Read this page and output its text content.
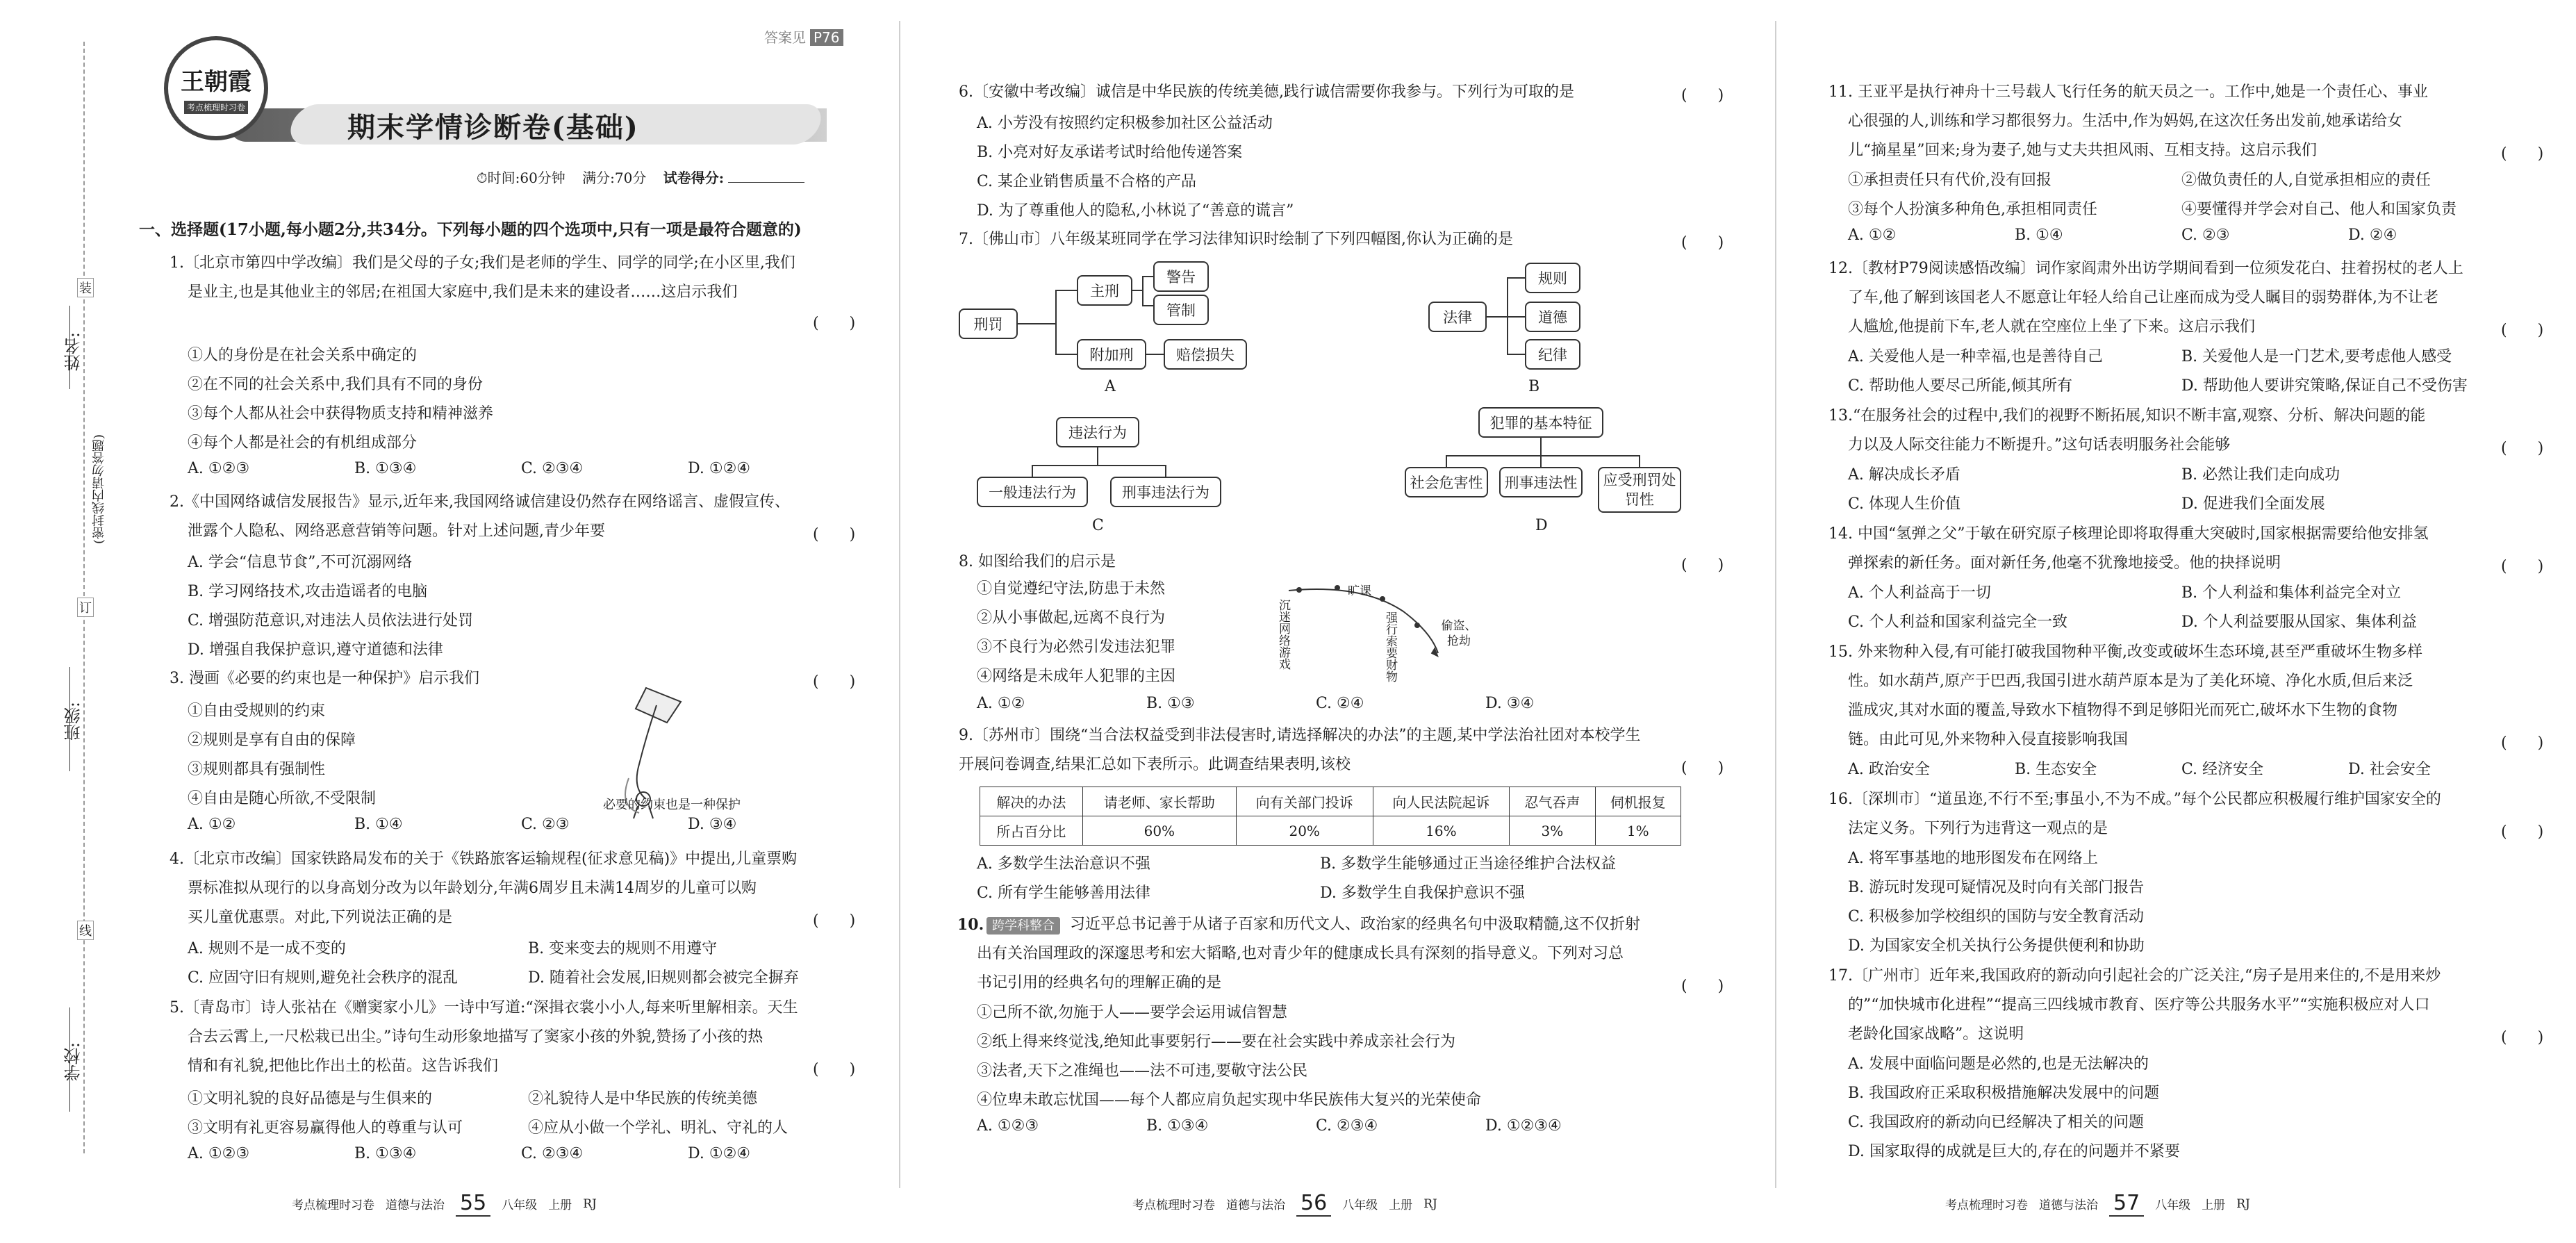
姓名:
班级:
学校:
(密封线内请勿答题)
装
订
线
答案见 P76
王朝霞
考点梳理时习卷
期末学情诊断卷(基础)
⏱时间:60分钟 满分:70分 试卷得分:
一、选择题(17小题,每小题2分,共34分。下列每小题的四个选项中,只有一项是最符合题意的)
1.〔北京市第四中学改编〕我们是父母的子女;我们是老师的学生、同学的同学;在小区里,我们
是业主,也是其他业主的邻居;在祖国大家庭中,我们是未来的建设者……这启示我们
(　　)
①人的身份是在社会关系中确定的
②在不同的社会关系中,我们具有不同的身份
③每个人都从社会中获得物质支持和精神滋养
④每个人都是社会的有机组成部分
A. ①②③	B. ①③④	C. ②③④	D. ①②④
2.《中国网络诚信发展报告》显示,近年来,我国网络诚信建设仍然存在网络谣言、虚假宣传、
泄露个人隐私、网络恶意营销等问题。针对上述问题,青少年要	(　　)
A. 学会“信息节食”,不可沉溺网络
B. 学习网络技术,攻击造谣者的电脑
C. 增强防范意识,对违法人员依法进行处罚
D. 增强自我保护意识,遵守道德和法律
3. 漫画《必要的约束也是一种保护》启示我们	(　　)
①自由受规则的约束
②规则是享有自由的保障
③规则都具有强制性
④自由是随心所欲,不受限制
A. ①②	B. ①④	C. ②③	D. ③④
必要的约束也是一种保护
4.〔北京市改编〕国家铁路局发布的关于《铁路旅客运输规程(征求意见稿)》中提出,儿童票购
票标准拟从现行的以身高划分改为以年龄划分,年满6周岁且未满14周岁的儿童可以购
买儿童优惠票。对此,下列说法正确的是	(　　)
A. 规则不是一成不变的	B. 变来变去的规则不用遵守
C. 应固守旧有规则,避免社会秩序的混乱	D. 随着社会发展,旧规则都会被完全摒弃
5.〔青岛市〕诗人张祜在《赠窦家小儿》一诗中写道:“深揖衣裳小小人,每来听里解相亲。天生
合去云霄上,一尺松栽已出尘。”诗句生动形象地描写了窦家小孩的外貌,赞扬了小孩的热
情和有礼貌,把他比作出土的松苗。这告诉我们	(　　)
①文明礼貌的良好品德是与生俱来的	②礼貌待人是中华民族的传统美德
③文明有礼更容易赢得他人的尊重与认可	④应从小做一个学礼、明礼、守礼的人
A. ①②③	B. ①③④	C. ②③④	D. ①②④
考点梳理时习卷 道德与法治 55	八年级 上册 RJ
6.〔安徽中考改编〕诚信是中华民族的传统美德,践行诚信需要你我参与。下列行为可取的是	(　　)
A. 小芳没有按照约定积极参加社区公益活动
B. 小亮对好友承诺考试时给他传递答案
C. 某企业销售质量不合格的产品
D. 为了尊重他人的隐私,小林说了“善意的谎言”
7.〔佛山市〕八年级某班同学在学习法律知识时绘制了下列四幅图,你认为正确的是	(　　)
刑罚
主刑
警告
管制
附加刑	赔偿损失
A
法律
规则
道德
纪律
B
违法行为
一般违法行为	刑事违法行为
C
犯罪的基本特征
社会危害性	刑事违法性	应受刑罚处罚性
D
8. 如图给我们的启示是	(　　)
①自觉遵纪守法,防患于未然
②从小事做起,远离不良行为
③不良行为必然引发违法犯罪
④网络是未成年人犯罪的主因
沉迷网络游戏
旷课
强行索要财物	偷盗、抢劫
A. ①②	B. ①③	C. ②④	D. ③④
9.〔苏州市〕围绕“当合法权益受到非法侵害时,请选择解决的办法”的主题,某中学法治社团对本校学生
开展问卷调查,结果汇总如下表所示。此调查结果表明,该校	(　　)
解决的办法	请老师、家长帮助	向有关部门投诉	向人民法院起诉	忍气吞声	伺机报复
所占百分比	60%	20%	16%	3%	1%
A. 多数学生法治意识不强	B. 多数学生能够通过正当途径维护合法权益
C. 所有学生能够善用法律	D. 多数学生自我保护意识不强
10. 跨学科整合	习近平总书记善于从诸子百家和历代文人、政治家的经典名句中汲取精髓,这不仅折射
出有关治国理政的深邃思考和宏大韬略,也对青少年的健康成长具有深刻的指导意义。下列对习总
书记引用的经典名句的理解正确的是	(　　)
①己所不欲,勿施于人——要学会运用诚信智慧
②纸上得来终觉浅,绝知此事要躬行——要在社会实践中养成亲社会行为
③法者,天下之准绳也——法不可违,要敬守法公民
④位卑未敢忘忧国——每个人都应肩负起实现中华民族伟大复兴的光荣使命
A. ①②③	B. ①③④	C. ②③④	D. ①②③④
考点梳理时习卷 道德与法治 56	八年级 上册 RJ
11. 王亚平是执行神舟十三号载人飞行任务的航天员之一。工作中,她是一个责任心、事业
心很强的人,训练和学习都很努力。生活中,作为妈妈,在这次任务出发前,她承诺给女
儿“摘星星”回来;身为妻子,她与丈夫共担风雨、互相支持。这启示我们	(　　)
①承担责任只有代价,没有回报	②做负责任的人,自觉承担相应的责任
③每个人扮演多种角色,承担相同责任	④要懂得并学会对自己、他人和国家负责
A. ①②	B. ①④	C. ②③	D. ②④
12.〔教材P79阅读感悟改编〕词作家阎肃外出访学期间看到一位须发花白、拄着拐杖的老人上
了车,他了解到该国老人不愿意让年轻人给自己让座而成为受人瞩目的弱势群体,为不让老
人尴尬,他提前下车,老人就在空座位上坐了下来。这启示我们	(　　)
A. 关爱他人是一种幸福,也是善待自己	B. 关爱他人是一门艺术,要考虑他人感受
C. 帮助他人要尽己所能,倾其所有	D. 帮助他人要讲究策略,保证自己不受伤害
13.“在服务社会的过程中,我们的视野不断拓展,知识不断丰富,观察、分析、解决问题的能
力以及人际交往能力不断提升。”这句话表明服务社会能够	(　　)
A. 解决成长矛盾	B. 必然让我们走向成功
C. 体现人生价值	D. 促进我们全面发展
14. 中国“氢弹之父”于敏在研究原子核理论即将取得重大突破时,国家根据需要给他安排氢
弹探索的新任务。面对新任务,他毫不犹豫地接受。他的抉择说明	(　　)
A. 个人利益高于一切	B. 个人利益和集体利益完全对立
C. 个人利益和国家利益完全一致	D. 个人利益要服从国家、集体利益
15. 外来物种入侵,有可能打破我国物种平衡,改变或破坏生态环境,甚至严重破坏生物多样
性。如水葫芦,原产于巴西,我国引进水葫芦原本是为了美化环境、净化水质,但后来泛
滥成灾,其对水面的覆盖,导致水下植物得不到足够阳光而死亡,破坏水下生物的食物
链。由此可见,外来物种入侵直接影响我国	(　　)
A. 政治安全	B. 生态安全	C. 经济安全	D. 社会安全
16.〔深圳市〕“道虽迩,不行不至;事虽小,不为不成。”每个公民都应积极履行维护国家安全的
法定义务。下列行为违背这一观点的是	(　　)
A. 将军事基地的地形图发布在网络上
B. 游玩时发现可疑情况及时向有关部门报告
C. 积极参加学校组织的国防与安全教育活动
D. 为国家安全机关执行公务提供便利和协助
17.〔广州市〕近年来,我国政府的新动向引起社会的广泛关注,“房子是用来住的,不是用来炒
的”“加快城市化进程”“提高三四线城市教育、医疗等公共服务水平”“实施积极应对人口
老龄化国家战略”。这说明	(　　)
A. 发展中面临问题是必然的,也是无法解决的
B. 我国政府正采取积极措施解决发展中的问题
C. 我国政府的新动向已经解决了相关的问题
D. 国家取得的成就是巨大的,存在的问题并不紧要
考点梳理时习卷 道德与法治 57	八年级 上册 RJ
